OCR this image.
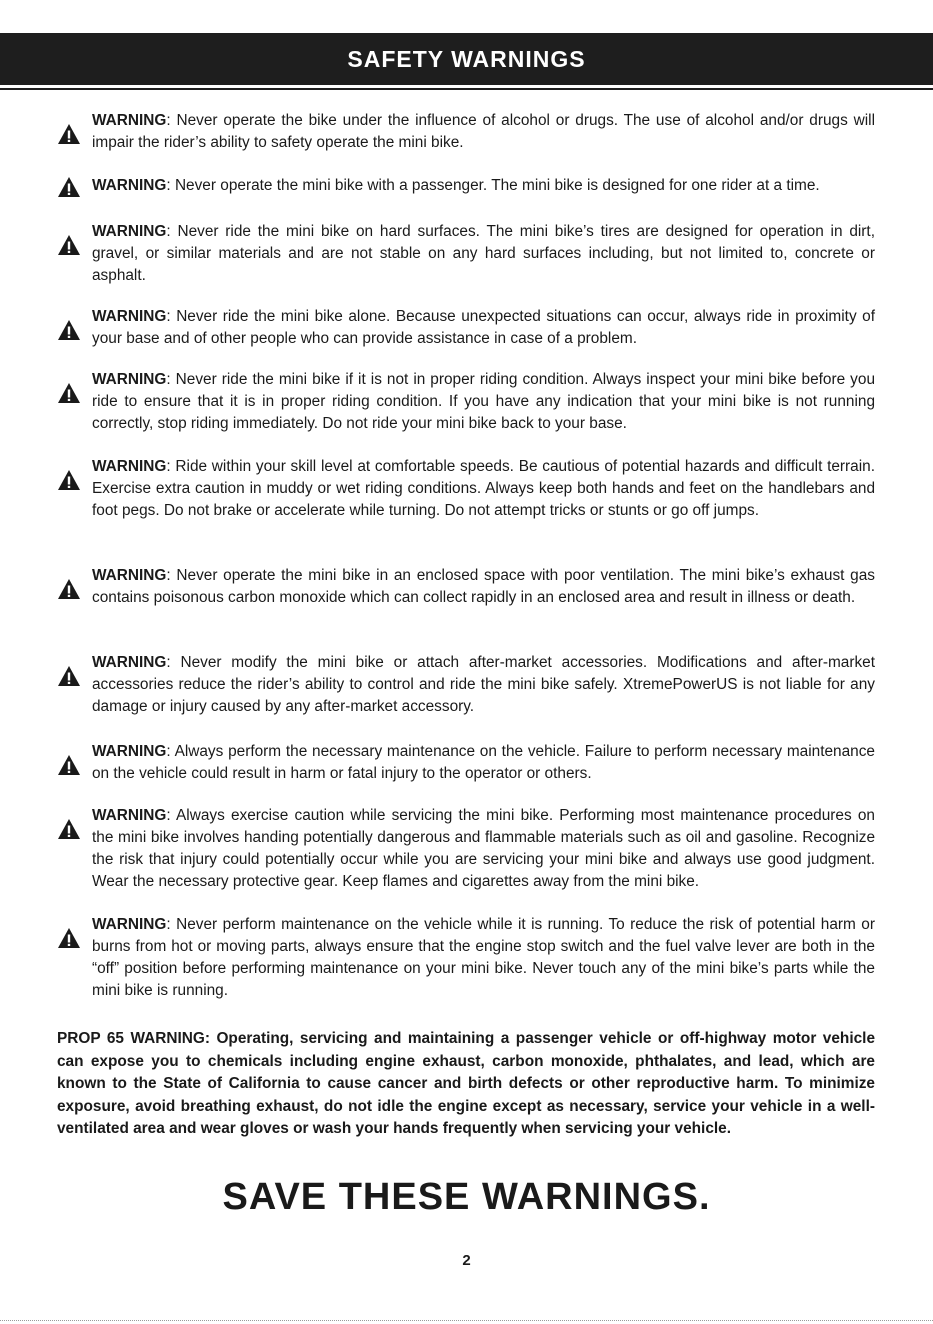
SAFETY WARNINGS
WARNING: Never operate the bike under the influence of alcohol or drugs. The use of alcohol and/or drugs will impair the rider’s ability to safety operate the mini bike.
WARNING: Never operate the mini bike with a passenger. The mini bike is designed for one rider at a time.
WARNING: Never ride the mini bike on hard surfaces. The mini bike’s tires are designed for operation in dirt, gravel, or similar materials and are not stable on any hard surfaces including, but not limited to, concrete or asphalt.
WARNING: Never ride the mini bike alone. Because unexpected situations can occur, always ride in proximity of your base and of other people who can provide assistance in case of a problem.
WARNING: Never ride the mini bike if it is not in proper riding condition. Always inspect your mini bike before you ride to ensure that it is in proper riding condition. If you have any indication that your mini bike is not running correctly, stop riding immediately. Do not ride your mini bike back to your base.
WARNING: Ride within your skill level at comfortable speeds. Be cautious of potential hazards and difficult terrain. Exercise extra caution in muddy or wet riding conditions. Always keep both hands and feet on the handlebars and foot pegs. Do not brake or accelerate while turning. Do not attempt tricks or stunts or go off jumps.
WARNING: Never operate the mini bike in an enclosed space with poor ventilation. The mini bike’s exhaust gas contains poisonous carbon monoxide which can collect rapidly in an enclosed area and result in illness or death.
WARNING: Never modify the mini bike or attach after-market accessories. Modifications and after-market accessories reduce the rider’s ability to control and ride the mini bike safely. XtremePowerUS is not liable for any damage or injury caused by any after-market accessory.
WARNING: Always perform the necessary maintenance on the vehicle. Failure to perform necessary maintenance on the vehicle could result in harm or fatal injury to the operator or others.
WARNING: Always exercise caution while servicing the mini bike. Performing most maintenance procedures on the mini bike involves handing potentially dangerous and flammable materials such as oil and gasoline. Recognize the risk that injury could potentially occur while you are servicing your mini bike and always use good judgment. Wear the necessary protective gear. Keep flames and cigarettes away from the mini bike.
WARNING: Never perform maintenance on the vehicle while it is running. To reduce the risk of potential harm or burns from hot or moving parts, always ensure that the engine stop switch and the fuel valve lever are both in the “off” position before performing maintenance on your mini bike. Never touch any of the mini bike’s parts while the mini bike is running.
PROP 65 WARNING: Operating, servicing and maintaining a passenger vehicle or off-highway motor vehicle can expose you to chemicals including engine exhaust, carbon monoxide, phthalates, and lead, which are known to the State of California to cause cancer and birth defects or other reproductive harm. To minimize exposure, avoid breathing exhaust, do not idle the engine except as necessary, service your vehicle in a well-ventilated area and wear gloves or wash your hands frequently when servicing your vehicle.
SAVE THESE WARNINGS.
2
